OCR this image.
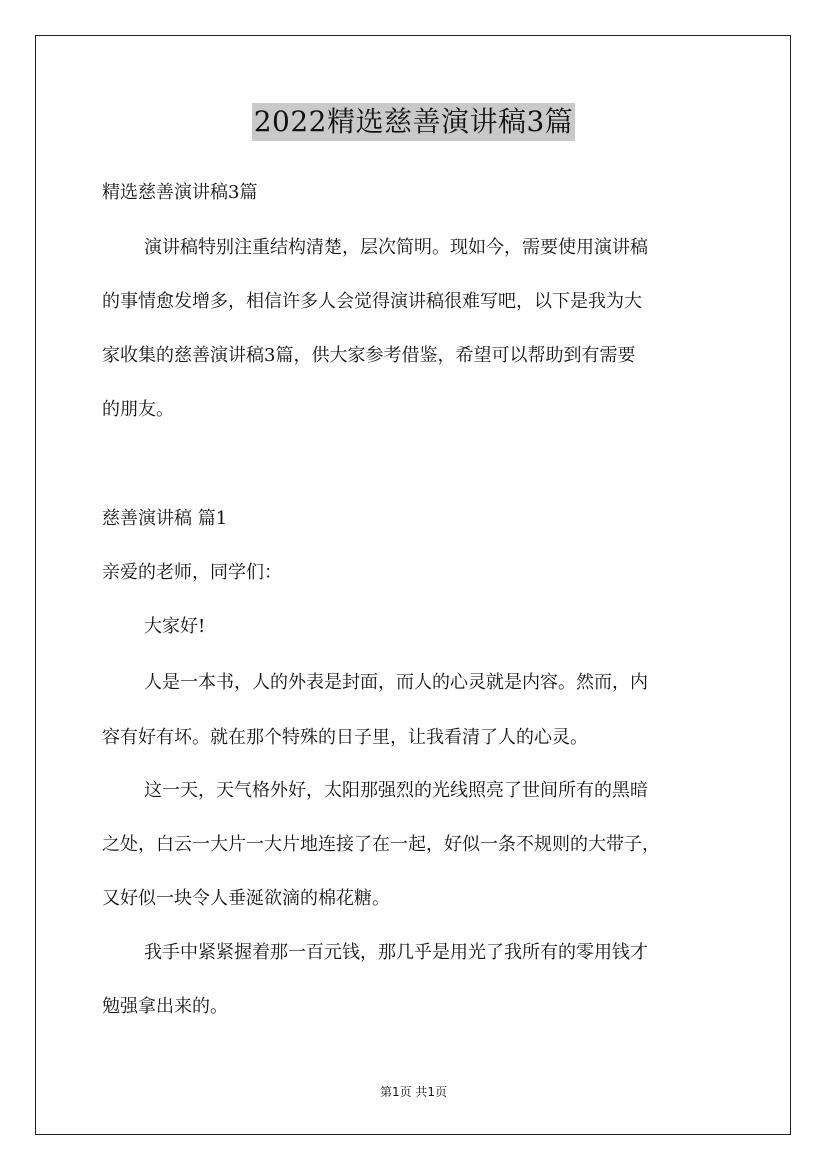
2022精选慈善演讲稿3篇
精选慈善演讲稿3篇
演讲稿特别注重结构清楚，层次简明。现如今，需要使用演讲稿
的事情愈发增多，相信许多人会觉得演讲稿很难写吧，以下是我为大
家收集的慈善演讲稿3篇，供大家参考借鉴，希望可以帮助到有需要
的朋友。
慈善演讲稿 篇1
亲爱的老师，同学们：
大家好!
人是一本书，人的外表是封面，而人的心灵就是内容。然而，内
容有好有坏。就在那个特殊的日子里，让我看清了人的心灵。
这一天，天气格外好，太阳那强烈的光线照亮了世间所有的黑暗
之处，白云一大片一大片地连接了在一起，好似一条不规则的大带子，
又好似一块令人垂涎欲滴的棉花糖。
我手中紧紧握着那一百元钱，那几乎是用光了我所有的零用钱才
勉强拿出来的。
第1页 共1页
